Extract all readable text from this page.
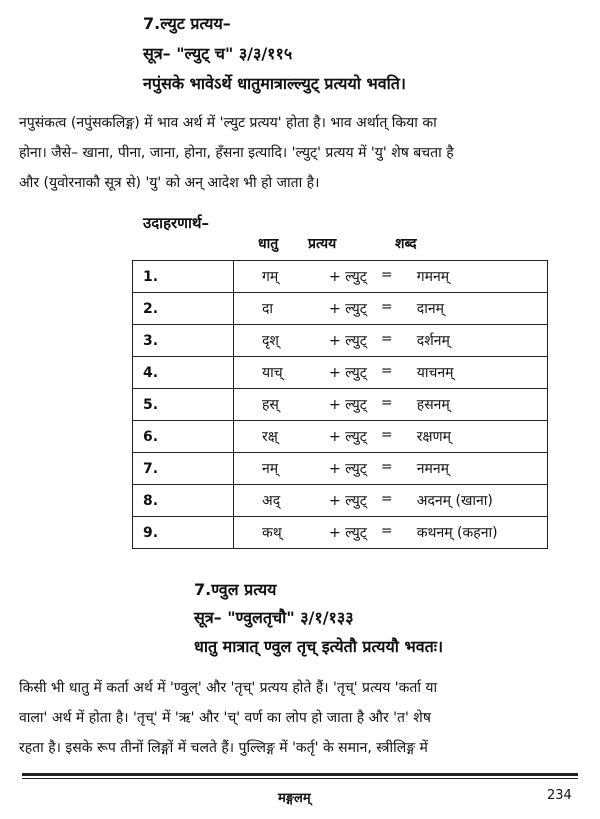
7.ल्युट प्रत्यय–
सूत्र– "ल्युट् च" ३/३/११५
नपुंसके भावेऽर्थे धातुमात्राल्ल्युट् प्रत्ययो भवति।
नपुसंकत्व (नपुंसकलिङ्ग) में भाव अर्थ में 'ल्युट प्रत्यय' होता है। भाव अर्थात् किया का
होना। जैसे– खाना, पीना, जाना, होना, हँसना इत्यादि। 'ल्युट्' प्रत्यय में 'यु' शेष बचता है
और (युवोरनाकौ सूत्र से) 'यु' को अन् आदेश भी हो जाता है।
उदाहरणार्थ–
धातु प्रत्यय	शब्द
1.	गम् + ल्युट् = गमनम्

2.	दा + ल्युट् = दानम्

3.	दृश् + ल्युट् = दर्शनम्

4.	याच् + ल्युट् = याचनम्

5.	हस् + ल्युट् = हसनम्

6.	रक्ष् + ल्युट् = रक्षणम्

7.	नम् + ल्युट् = नमनम्

8.	अद् + ल्युट् = अदनम् (खाना)

9.	कथ् + ल्युट् = कथनम् (कहना)
7.ण्वुल प्रत्यय
सूत्र– "ण्वुलतृचौ" ३/१/१३३
धातु मात्रात् ण्वुल तृच् इत्येतौ प्रत्ययौ भवतः।
किसी भी धातु में कर्ता अर्थ में 'ण्वुल्' और 'तृच्' प्रत्यय होते हैं। 'तृच्' प्रत्यय 'कर्ता या
वाला' अर्थ में होता है। 'तृच्' में 'ऋ' और 'च्' वर्ण का लोप हो जाता है और 'त' शेष
रहता है। इसके रूप तीनों लिङ्गों में चलते हैं। पुल्लिङ्ग में 'कर्तृ' के समान, स्त्रीलिङ्ग में
मङ्गलम्	234
